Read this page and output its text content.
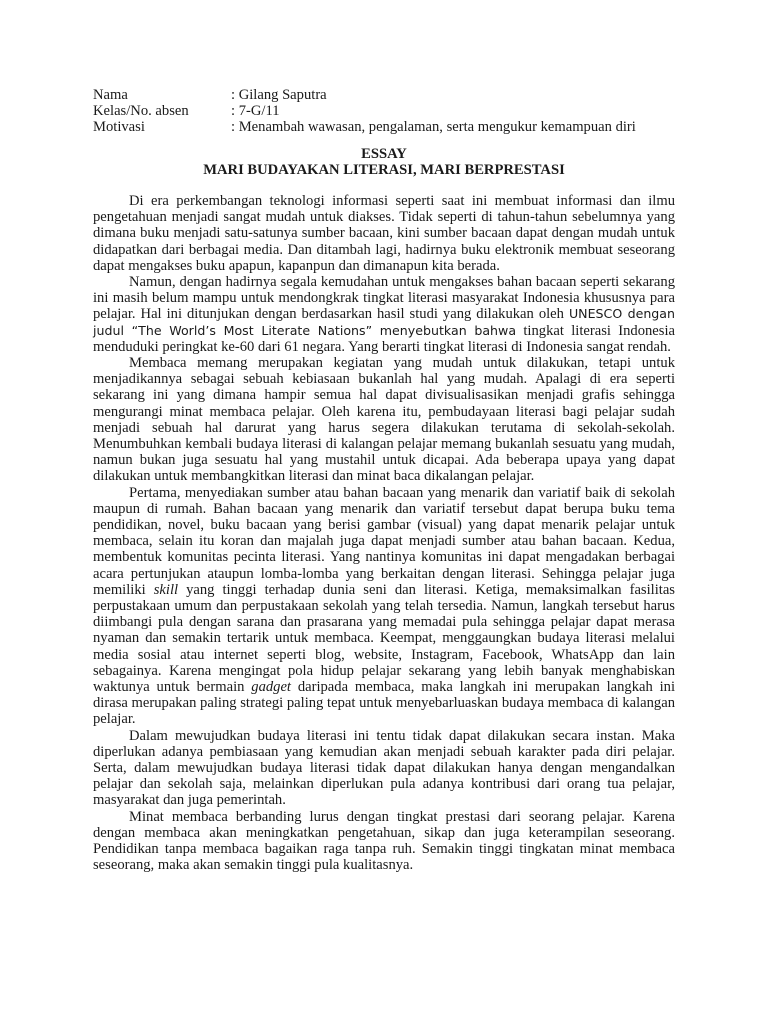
Nama	: Gilang Saputra
Kelas/No. absen	: 7-G/11
Motivasi	: Menambah wawasan, pengalaman, serta mengukur kemampuan diri
ESSAY
MARI BUDAYAKAN LITERASI, MARI BERPRESTASI

Di era perkembangan teknologi informasi seperti saat ini membuat informasi dan ilmu pengetahuan menjadi sangat mudah untuk diakses. Tidak seperti di tahun-tahun sebelumnya yang dimana buku menjadi satu-satunya sumber bacaan, kini sumber bacaan dapat dengan mudah untuk didapatkan dari berbagai media. Dan ditambah lagi, hadirnya buku elektronik membuat seseorang dapat mengakses buku apapun, kapanpun dan dimanapun kita berada.

Namun, dengan hadirnya segala kemudahan untuk mengakses bahan bacaan seperti sekarang ini masih belum mampu untuk mendongkrak tingkat literasi masyarakat Indonesia khususnya para pelajar. Hal ini ditunjukan dengan berdasarkan hasil studi yang dilakukan oleh UNESCO dengan judul “The World’s Most Literate Nations” menyebutkan bahwa tingkat literasi Indonesia menduduki peringkat ke-60 dari 61 negara. Yang berarti tingkat literasi di Indonesia sangat rendah.

Membaca memang merupakan kegiatan yang mudah untuk dilakukan, tetapi untuk menjadikannya sebagai sebuah kebiasaan bukanlah hal yang mudah. Apalagi di era seperti sekarang ini yang dimana hampir semua hal dapat divisualisasikan menjadi grafis sehingga mengurangi minat membaca pelajar. Oleh karena itu, pembudayaan literasi bagi pelajar sudah menjadi sebuah hal darurat yang harus segera dilakukan terutama di sekolah-sekolah. Menumbuhkan kembali budaya literasi di kalangan pelajar memang bukanlah sesuatu yang mudah, namun bukan juga sesuatu hal yang mustahil untuk dicapai. Ada beberapa upaya yang dapat dilakukan untuk membangkitkan literasi dan minat baca dikalangan pelajar.

Pertama, menyediakan sumber atau bahan bacaan yang menarik dan variatif baik di sekolah maupun di rumah. Bahan bacaan yang menarik dan variatif tersebut dapat berupa buku tema pendidikan, novel, buku bacaan yang berisi gambar (visual) yang dapat menarik pelajar untuk membaca, selain itu koran dan majalah juga dapat menjadi sumber atau bahan bacaan. Kedua, membentuk komunitas pecinta literasi. Yang nantinya komunitas ini dapat mengadakan berbagai acara pertunjukan ataupun lomba-lomba yang berkaitan dengan literasi. Sehingga pelajar juga memiliki skill yang tinggi terhadap dunia seni dan literasi. Ketiga, memaksimalkan fasilitas perpustakaan umum dan perpustakaan sekolah yang telah tersedia. Namun, langkah tersebut harus diimbangi pula dengan sarana dan prasarana yang memadai pula sehingga pelajar dapat merasa nyaman dan semakin tertarik untuk membaca. Keempat, menggaungkan budaya literasi melalui media sosial atau internet seperti blog, website, Instagram, Facebook, WhatsApp dan lain sebagainya. Karena mengingat pola hidup pelajar sekarang yang lebih banyak menghabiskan waktunya untuk bermain gadget daripada membaca, maka langkah ini merupakan langkah ini dirasa merupakan paling strategi paling tepat untuk menyebarluaskan budaya membaca di kalangan pelajar.

Dalam mewujudkan budaya literasi ini tentu tidak dapat dilakukan secara instan. Maka diperlukan adanya pembiasaan yang kemudian akan menjadi sebuah karakter pada diri pelajar. Serta, dalam mewujudkan budaya literasi tidak dapat dilakukan hanya dengan mengandalkan pelajar dan sekolah saja, melainkan diperlukan pula adanya kontribusi dari orang tua pelajar, masyarakat dan juga pemerintah.

Minat membaca berbanding lurus dengan tingkat prestasi dari seorang pelajar. Karena dengan membaca akan meningkatkan pengetahuan, sikap dan juga keterampilan seseorang. Pendidikan tanpa membaca bagaikan raga tanpa ruh. Semakin tinggi tingkatan minat membaca seseorang, maka akan semakin tinggi pula kualitasnya.
